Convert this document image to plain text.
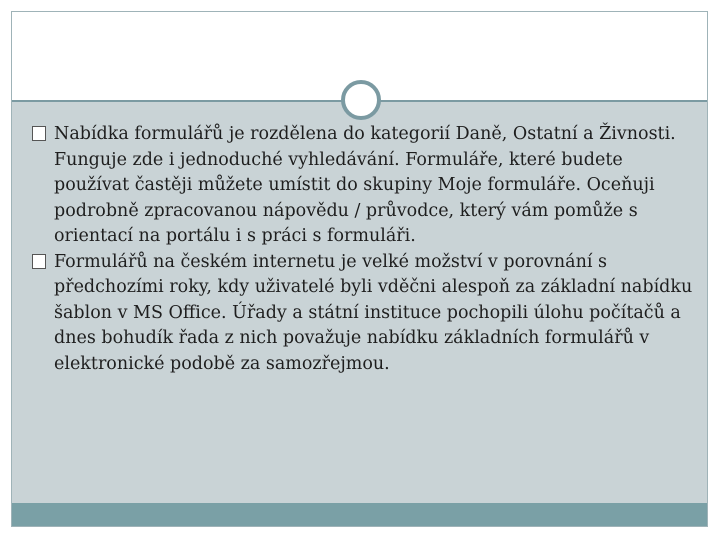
Nabídka formulářů je rozdělena do kategorií Daně, Ostatní a Živnosti. Funguje zde i jednoduché vyhledávání. Formuláře, které budete používat častěji můžete umístit do skupiny Moje formuláře. Oceňuji podrobně zpracovanou nápovědu / průvodce, který vám pomůže s orientací na portálu i s práci s formuláři.
Formulářů na českém internetu je velké možství v porovnání s předchozími roky, kdy uživatelé byli vděčni alespoň za základní nabídku šablon v MS Office. Úřady a státní instituce pochopili úlohu počítačů a dnes bohudík řada z nich považuje nabídku základních formulářů v elektronické podobě za samozřejmou.
